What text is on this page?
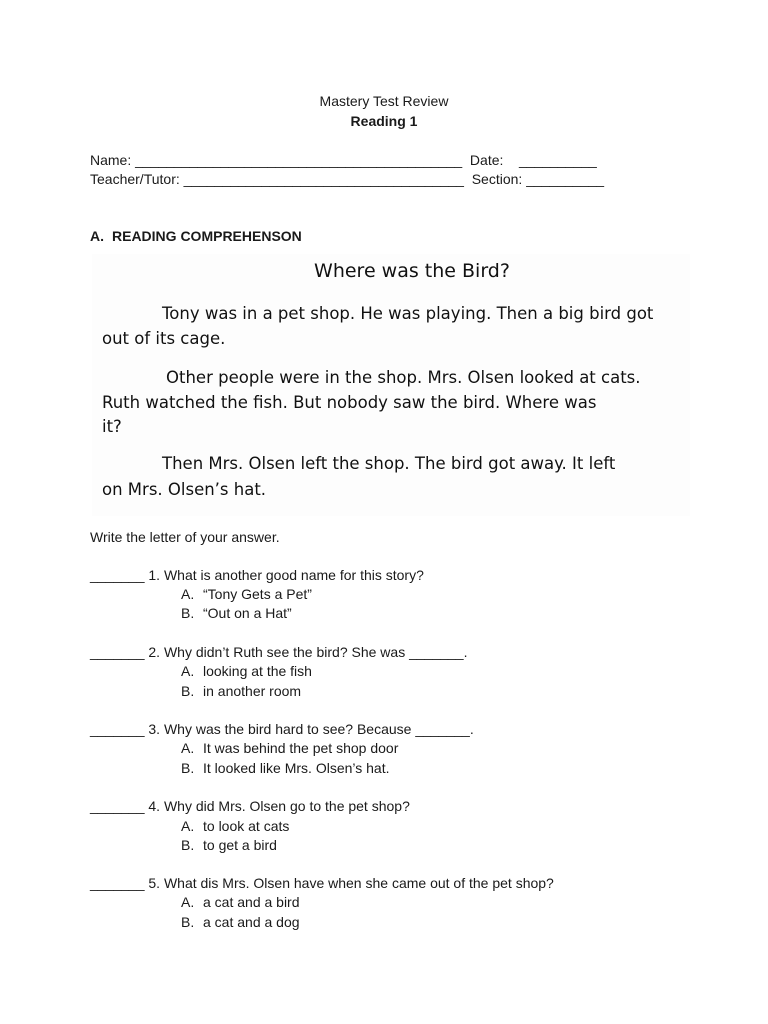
Mastery Test Review
Reading 1
Name: __________________________________________  Date:    __________
Teacher/Tutor: ____________________________________  Section: __________
A. READING COMPREHENSON
Where was the Bird?
Tony was in a pet shop. He was playing. Then a big bird got
out of its cage.
Other people were in the shop. Mrs. Olsen looked at cats.
Ruth watched the fish. But nobody saw the bird. Where was
it?
Then Mrs. Olsen left the shop. The bird got away. It left
on Mrs. Olsen’s hat.
Write the letter of your answer.
_______ 1. What is another good name for this story?
A. “Tony Gets a Pet”
B. “Out on a Hat”
_______ 2. Why didn’t Ruth see the bird? She was _______.
A. looking at the fish
B. in another room
_______ 3. Why was the bird hard to see? Because _______.
A. It was behind the pet shop door
B. It looked like Mrs. Olsen’s hat.
_______ 4. Why did Mrs. Olsen go to the pet shop?
A. to look at cats
B. to get a bird
_______ 5. What dis Mrs. Olsen have when she came out of the pet shop?
A. a cat and a bird
B. a cat and a dog
